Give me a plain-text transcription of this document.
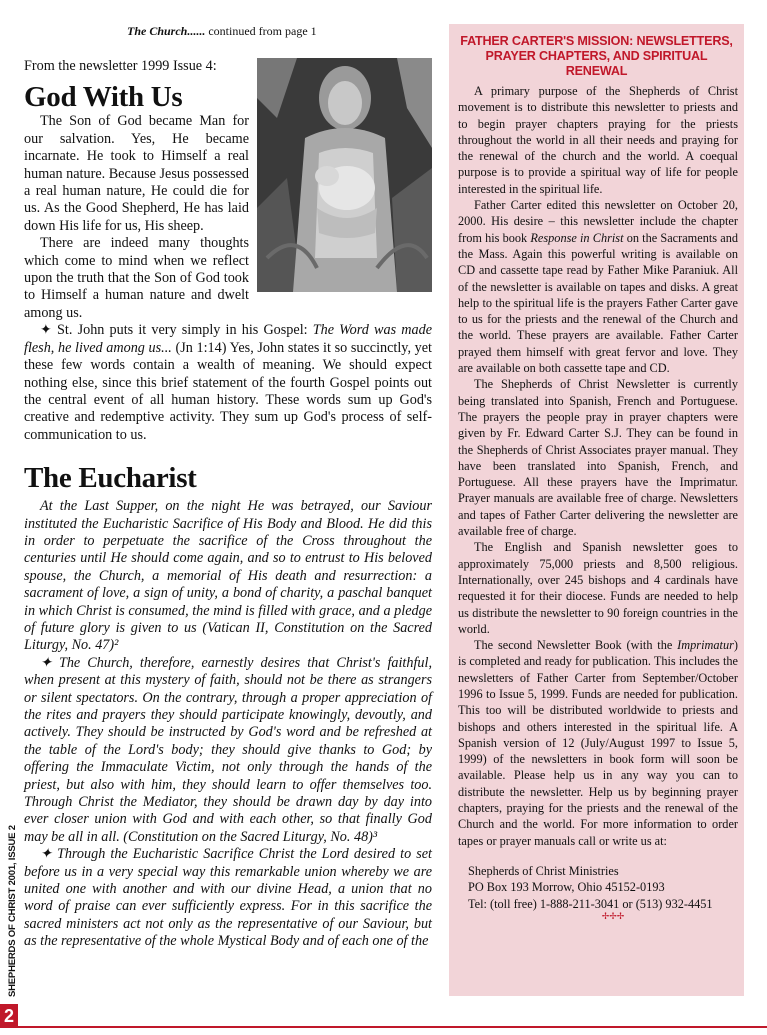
The Church...... continued from page 1

From the newsletter 1999 Issue 4:

God With Us

The Son of God became Man for our salvation. Yes, He became incarnate. He took to Himself a real human nature. Because Jesus possessed a real human nature, He could die for us. As the Good Shepherd, He has laid down His life for us, His sheep.

There are indeed many thoughts which come to mind when we reflect upon the truth that the Son of God took to Himself a human nature and dwelt among us.

✦ St. John puts it very simply in his Gospel: The Word was made flesh, he lived among us... (Jn 1:14) Yes, John states it so succinctly, yet these few words contain a wealth of meaning. We should expect nothing else, since this brief statement of the fourth Gospel points out the central event of all human history. These words sum up God's creative and redemptive activity. They sum up God's process of self-communication to us.

The Eucharist

At the Last Supper, on the night He was betrayed, our Saviour instituted the Eucharistic Sacrifice of His Body and Blood. He did this in order to perpetuate the sacrifice of the Cross throughout the centuries until He should come again, and so to entrust to His beloved spouse, the Church, a memorial of His death and resurrection: a sacrament of love, a sign of unity, a bond of charity, a paschal banquet in which Christ is consumed, the mind is filled with grace, and a pledge of future glory is given to us (Vatican II, Constitution on the Sacred Liturgy, No. 47)²

✦ The Church, therefore, earnestly desires that Christ's faithful, when present at this mystery of faith, should not be there as strangers or silent spectators. On the contrary, through a proper appreciation of the rites and prayers they should participate knowingly, devoutly, and actively. They should be instructed by God's word and be refreshed at the table of the Lord's body; they should give thanks to God; by offering the Immaculate Victim, not only through the hands of the priest, but also with him, they should learn to offer themselves too. Through Christ the Mediator, they should be drawn day by day into ever closer union with God and with each other, so that finally God may be all in all. (Constitution on the Sacred Liturgy, No. 48)³

✦ Through the Eucharistic Sacrifice Christ the Lord desired to set before us in a very special way this remarkable union whereby we are united one with another and with our divine Head, a union that no word of praise can ever sufficiently express. For in this sacrifice the sacred ministers act not only as the representative of our Saviour, but as the representative of the whole Mystical Body and of each one of the

FATHER CARTER'S MISSION: NEWSLETTERS, PRAYER CHAPTERS, AND SPIRITUAL RENEWAL

A primary purpose of the Shepherds of Christ movement is to distribute this newsletter to priests and to begin prayer chapters praying for the priests throughout the world in all their needs and praying for the renewal of the church and the world. A coequal purpose is to provide a spiritual way of life for people interested in the spiritual life.

Father Carter edited this newsletter on October 20, 2000. His desire – this newsletter include the chapter from his book Response in Christ on the Sacraments and the Mass. Again this powerful writing is available on CD and cassette tape read by Father Mike Paraniuk. All of the newsletter is available on tapes and disks. A great help to the spiritual life is the prayers Father Carter gave to us for the priests and the renewal of the Church and the world. These prayers are available. Father Carter prayed them himself with great fervor and love. They are available on both cassette tape and CD.

The Shepherds of Christ Newsletter is currently being translated into Spanish, French and Portuguese. The prayers the people pray in prayer chapters were given by Fr. Edward Carter S.J. They can be found in the Shepherds of Christ Associates prayer manual. They have been translated into Spanish, French, and Portuguese. All these prayers have the Imprimatur. Prayer manuals are available free of charge. Newsletters and tapes of Father Carter delivering the newsletter are available free of charge.

The English and Spanish newsletter goes to approximately 75,000 priests and 8,500 religious. Internationally, over 245 bishops and 4 cardinals have requested it for their diocese. Funds are needed to help us distribute the newsletter to 90 foreign countries in the world.

The second Newsletter Book (with the Imprimatur) is completed and ready for publication. This includes the newsletters of Father Carter from September/October 1996 to Issue 5, 1999. Funds are needed for publication. This too will be distributed worldwide to priests and bishops and others interested in the spiritual life. A Spanish version of 12 (July/August 1997 to Issue 5, 1999) of the newsletters in book form will soon be available. Please help us in any way you can to distribute the newsletter. Help us by beginning prayer chapters, praying for the priests and the renewal of the Church and the world. For more information to order tapes or prayer manuals call or write us at:

Shepherds of Christ Ministries
PO Box 193 Morrow, Ohio 45152-0193
Tel: (toll free) 1-888-211-3041 or (513) 932-4451
✢✢✢
SHEPHERDS OF CHRIST 2001, ISSUE 2
2
